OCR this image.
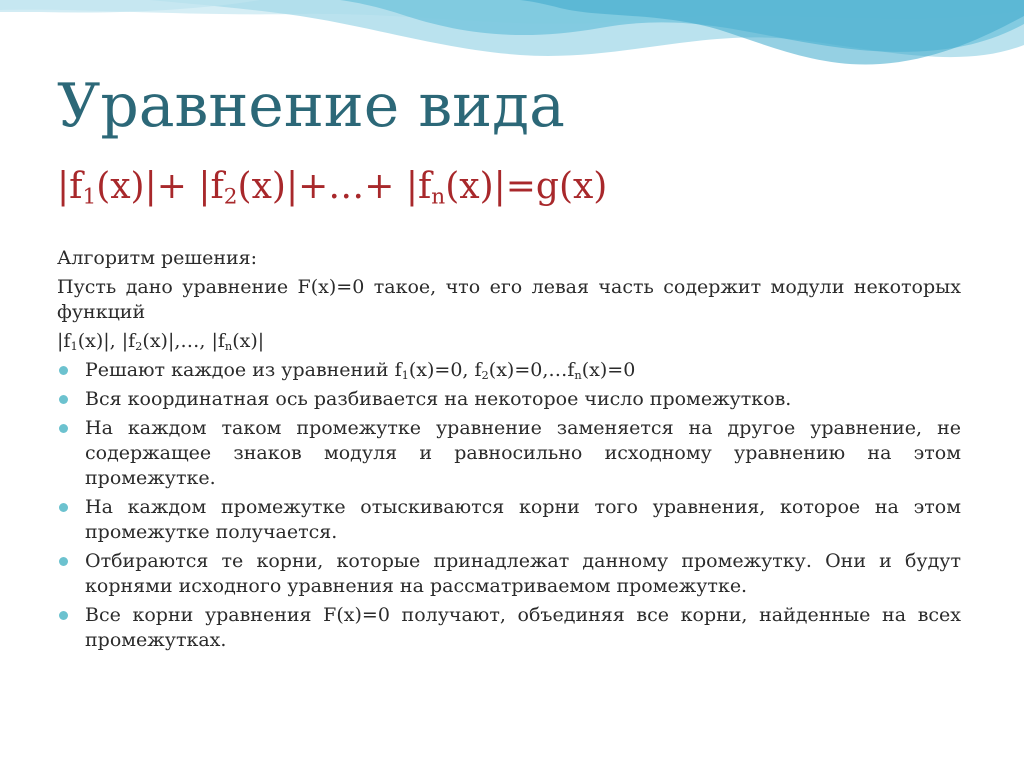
Уравнение вида
$|f_1(x)|+$ $|f_2(x)|+\dots+ |f_n(x)|=g(x)$

Алгоритм решения:

Пусть дано уравнение F(x)=0 такое, что его левая часть содержит модули некоторых функций

$|f_1(x)|$, $|f_2(x)|,\dots$, $|f_n(x)|$

Решают каждое из уравнений $f_1(x)=0$, $f_2(x)=0,\dots f_n(x)=0$
Вся координатная ось разбивается на некоторое число промежутков.
На каждом таком промежутке уравнение заменяется на другое уравнение, не содержащее знаков модуля и равносильно исходному уравнению на этом промежутке.
На каждом промежутке отыскиваются корни того уравнения, которое на этом промежутке получается.
Отбираются те корни, которые принадлежат данному промежутку. Они и будут корнями исходного уравнения на рассматриваемом промежутке.
Все корни уравнения F(x)=0 получают, объединяя все корни, найденные на всех промежутках.
